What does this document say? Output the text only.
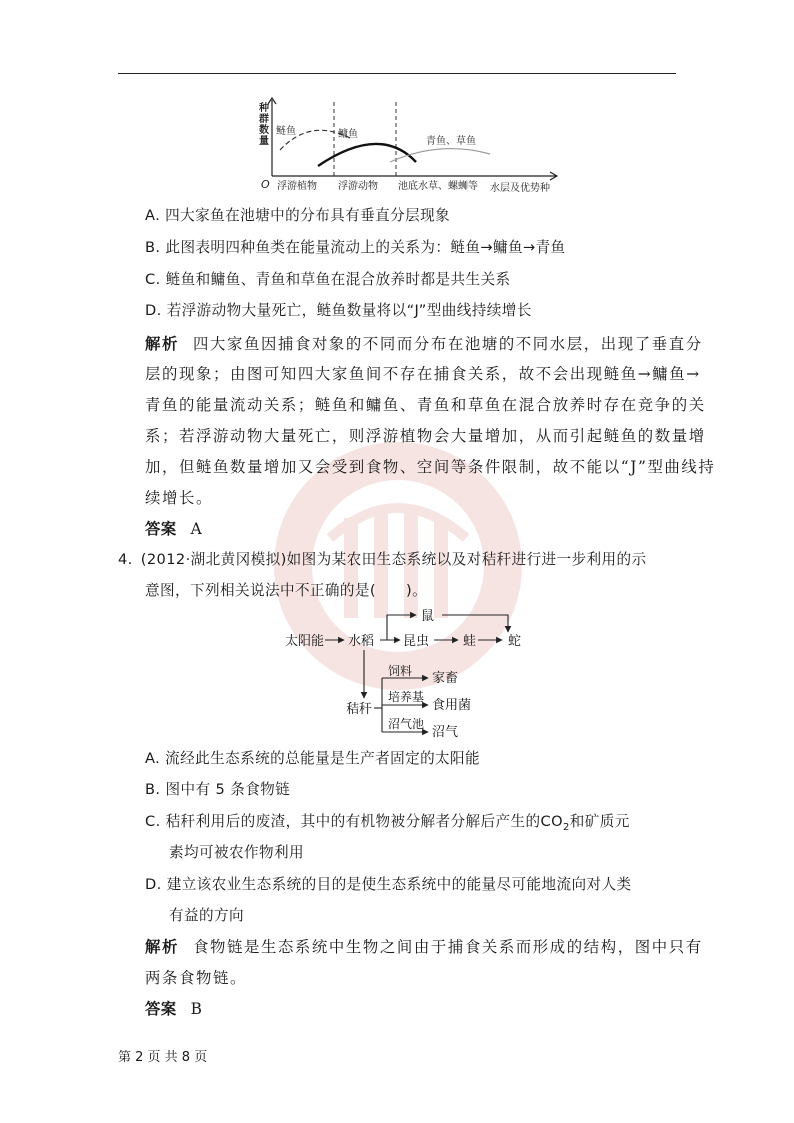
种群数量
O 浮游植物 浮游动物 池底水草、螺蛳等 水层及优势种
鲢鱼	鳙鱼
青鱼、草鱼
A. 四大家鱼在池塘中的分布具有垂直分层现象
B. 此图表明四种鱼类在能量流动上的关系为：鲢鱼→鳙鱼→青鱼
C. 鲢鱼和鳙鱼、青鱼和草鱼在混合放养时都是共生关系
D. 若浮游动物大量死亡，鲢鱼数量将以“J”型曲线持续增长
解析 四大家鱼因捕食对象的不同而分布在池塘的不同水层，出现了垂直分
层的现象；由图可知四大家鱼间不存在捕食关系，故不会出现鲢鱼→鳙鱼→
青鱼的能量流动关系；鲢鱼和鳙鱼、青鱼和草鱼在混合放养时存在竞争的关
系；若浮游动物大量死亡，则浮游植物会大量增加，从而引起鲢鱼的数量增
加，但鲢鱼数量增加又会受到食物、空间等条件限制，故不能以“J”型曲线持
续增长。
答案 A
4. (2012·湖北黄冈模拟)如图为某农田生态系统以及对秸秆进行进一步利用的示
意图，下列相关说法中不正确的是(　　)。
太阳能 水稻 昆虫	蛙 蛇
鼠
秸秆
饲料
培养基
沼气池
家畜
食用菌
沼气
A. 流经此生态系统的总能量是生产者固定的太阳能
B. 图中有 5 条食物链
C. 秸秆利用后的废渣，其中的有机物被分解者分解后产生的$CO_2$和矿质元
素均可被农作物利用
D. 建立该农业生态系统的目的是使生态系统中的能量尽可能地流向对人类
有益的方向
解析 食物链是生态系统中生物之间由于捕食关系而形成的结构，图中只有
两条食物链。
答案 B
第 2 页 共 8 页
